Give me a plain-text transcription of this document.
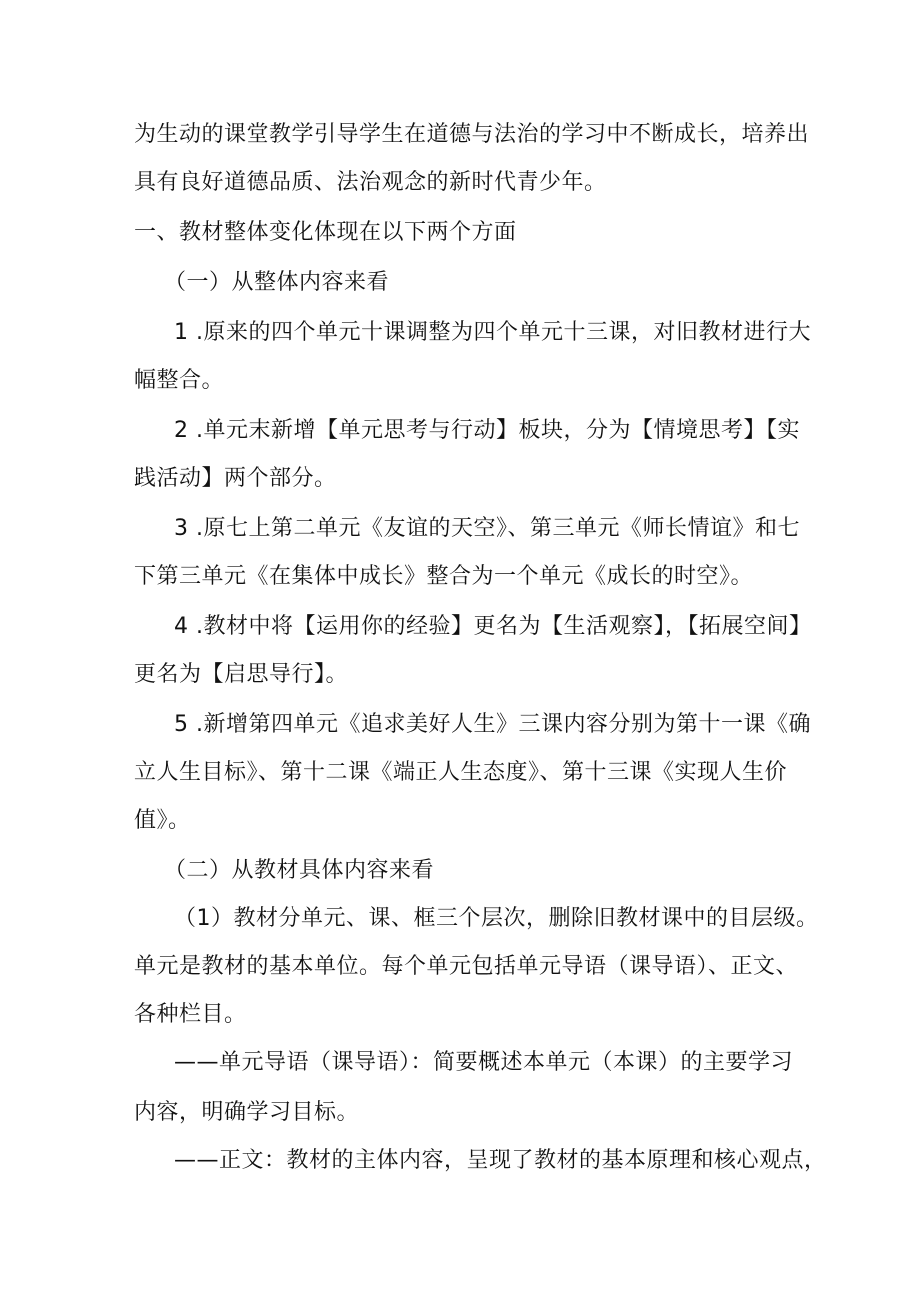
为生动的课堂教学引导学生在道德与法治的学习中不断成长，培养出
具有良好道德品质、法治观念的新时代青少年。
一、教材整体变化体现在以下两个方面
（一）从整体内容来看
1 .原来的四个单元十课调整为四个单元十三课，对旧教材进行大
幅整合。
2 .单元末新增【单元思考与行动】板块，分为【情境思考】【实
践活动】两个部分。
3 .原七上第二单元《友谊的天空》、第三单元《师长情谊》和七
下第三单元《在集体中成长》整合为一个单元《成长的时空》。
4 .教材中将【运用你的经验】更名为【生活观察】，【拓展空间】
更名为【启思导行】。
5 .新增第四单元《追求美好人生》三课内容分别为第十一课《确
立人生目标》、第十二课《端正人生态度》、第十三课《实现人生价
值》。
（二）从教材具体内容来看
（1）教材分单元、课、框三个层次，删除旧教材课中的目层级。
单元是教材的基本单位。每个单元包括单元导语（课导语）、正文、
各种栏目。
——单元导语（课导语）：简要概述本单元（本课）的主要学习
内容，明确学习目标。
——正文：教材的主体内容，呈现了教材的基本原理和核心观点，
